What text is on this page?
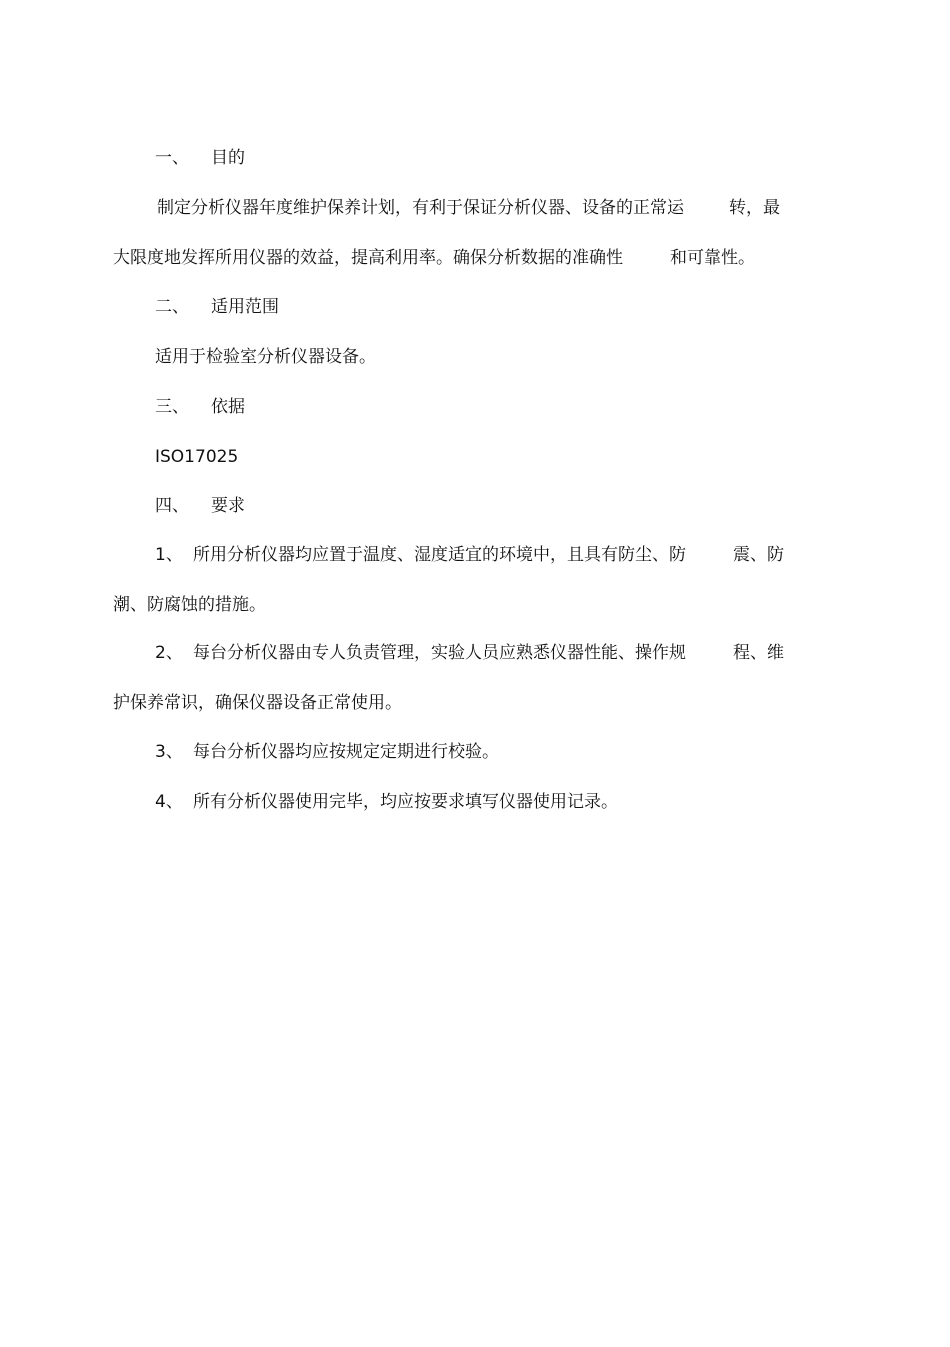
一、 目的
制定分析仪器年度维护保养计划，有利于保证分析仪器、设备的正常运	转，最
大限度地发挥所用仪器的效益，提高利用率。确保分析数据的准确性	和可靠性。
二、 适用范围
适用于检验室分析仪器设备。
三、 依据
ISO17025
四、 要求
1、 所用分析仪器均应置于温度、湿度适宜的环境中，且具有防尘、防	震、防
潮、防腐蚀的措施。
2、 每台分析仪器由专人负责管理，实验人员应熟悉仪器性能、操作规	程、维
护保养常识，确保仪器设备正常使用。
3、 每台分析仪器均应按规定定期进行校验。
4、 所有分析仪器使用完毕，均应按要求填写仪器使用记录。
